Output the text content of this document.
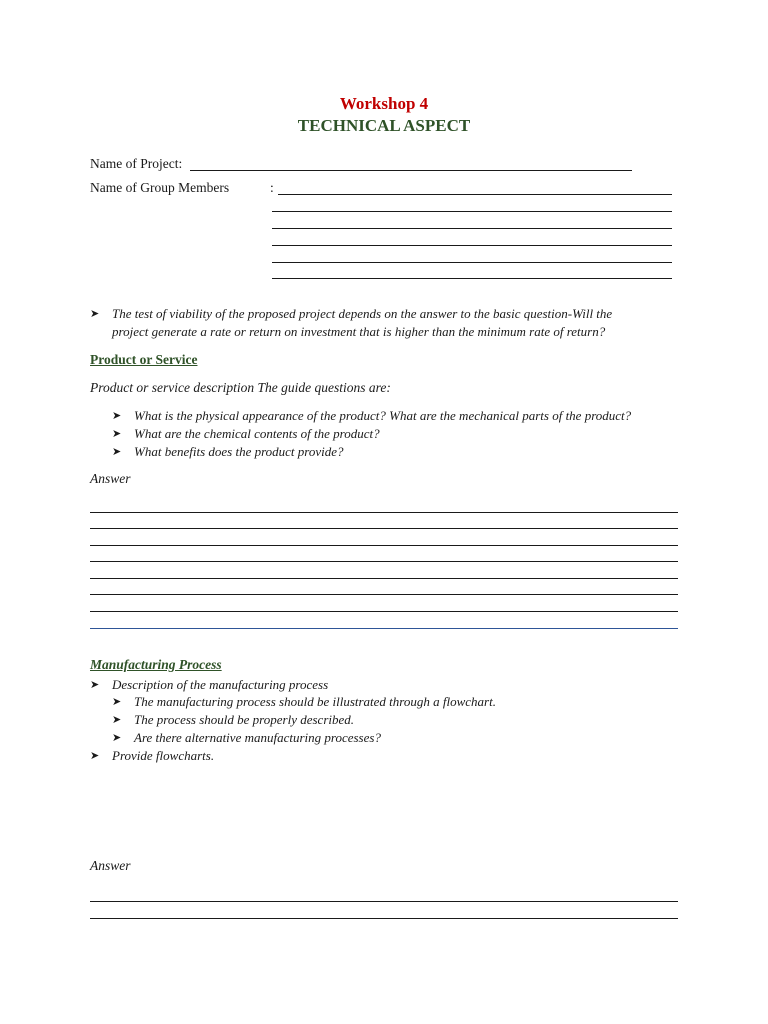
Workshop 4
TECHNICAL ASPECT
Name of Project:
Name of Group Members	:
➤ The test of viability of the proposed project depends on the answer to the basic question-Will the
project generate a rate or return on investment that is higher than the minimum rate of return?
Product or Service
Product or service description The guide questions are:
➤ What is the physical appearance of the product? What are the mechanical parts of the product?
➤ What are the chemical contents of the product?
➤ What benefits does the product provide?
Answer
Manufacturing Process
➤ Description of the manufacturing process
➤ The manufacturing process should be illustrated through a flowchart.
➤ The process should be properly described.
➤ Are there alternative manufacturing processes?
➤ Provide flowcharts.
Answer
